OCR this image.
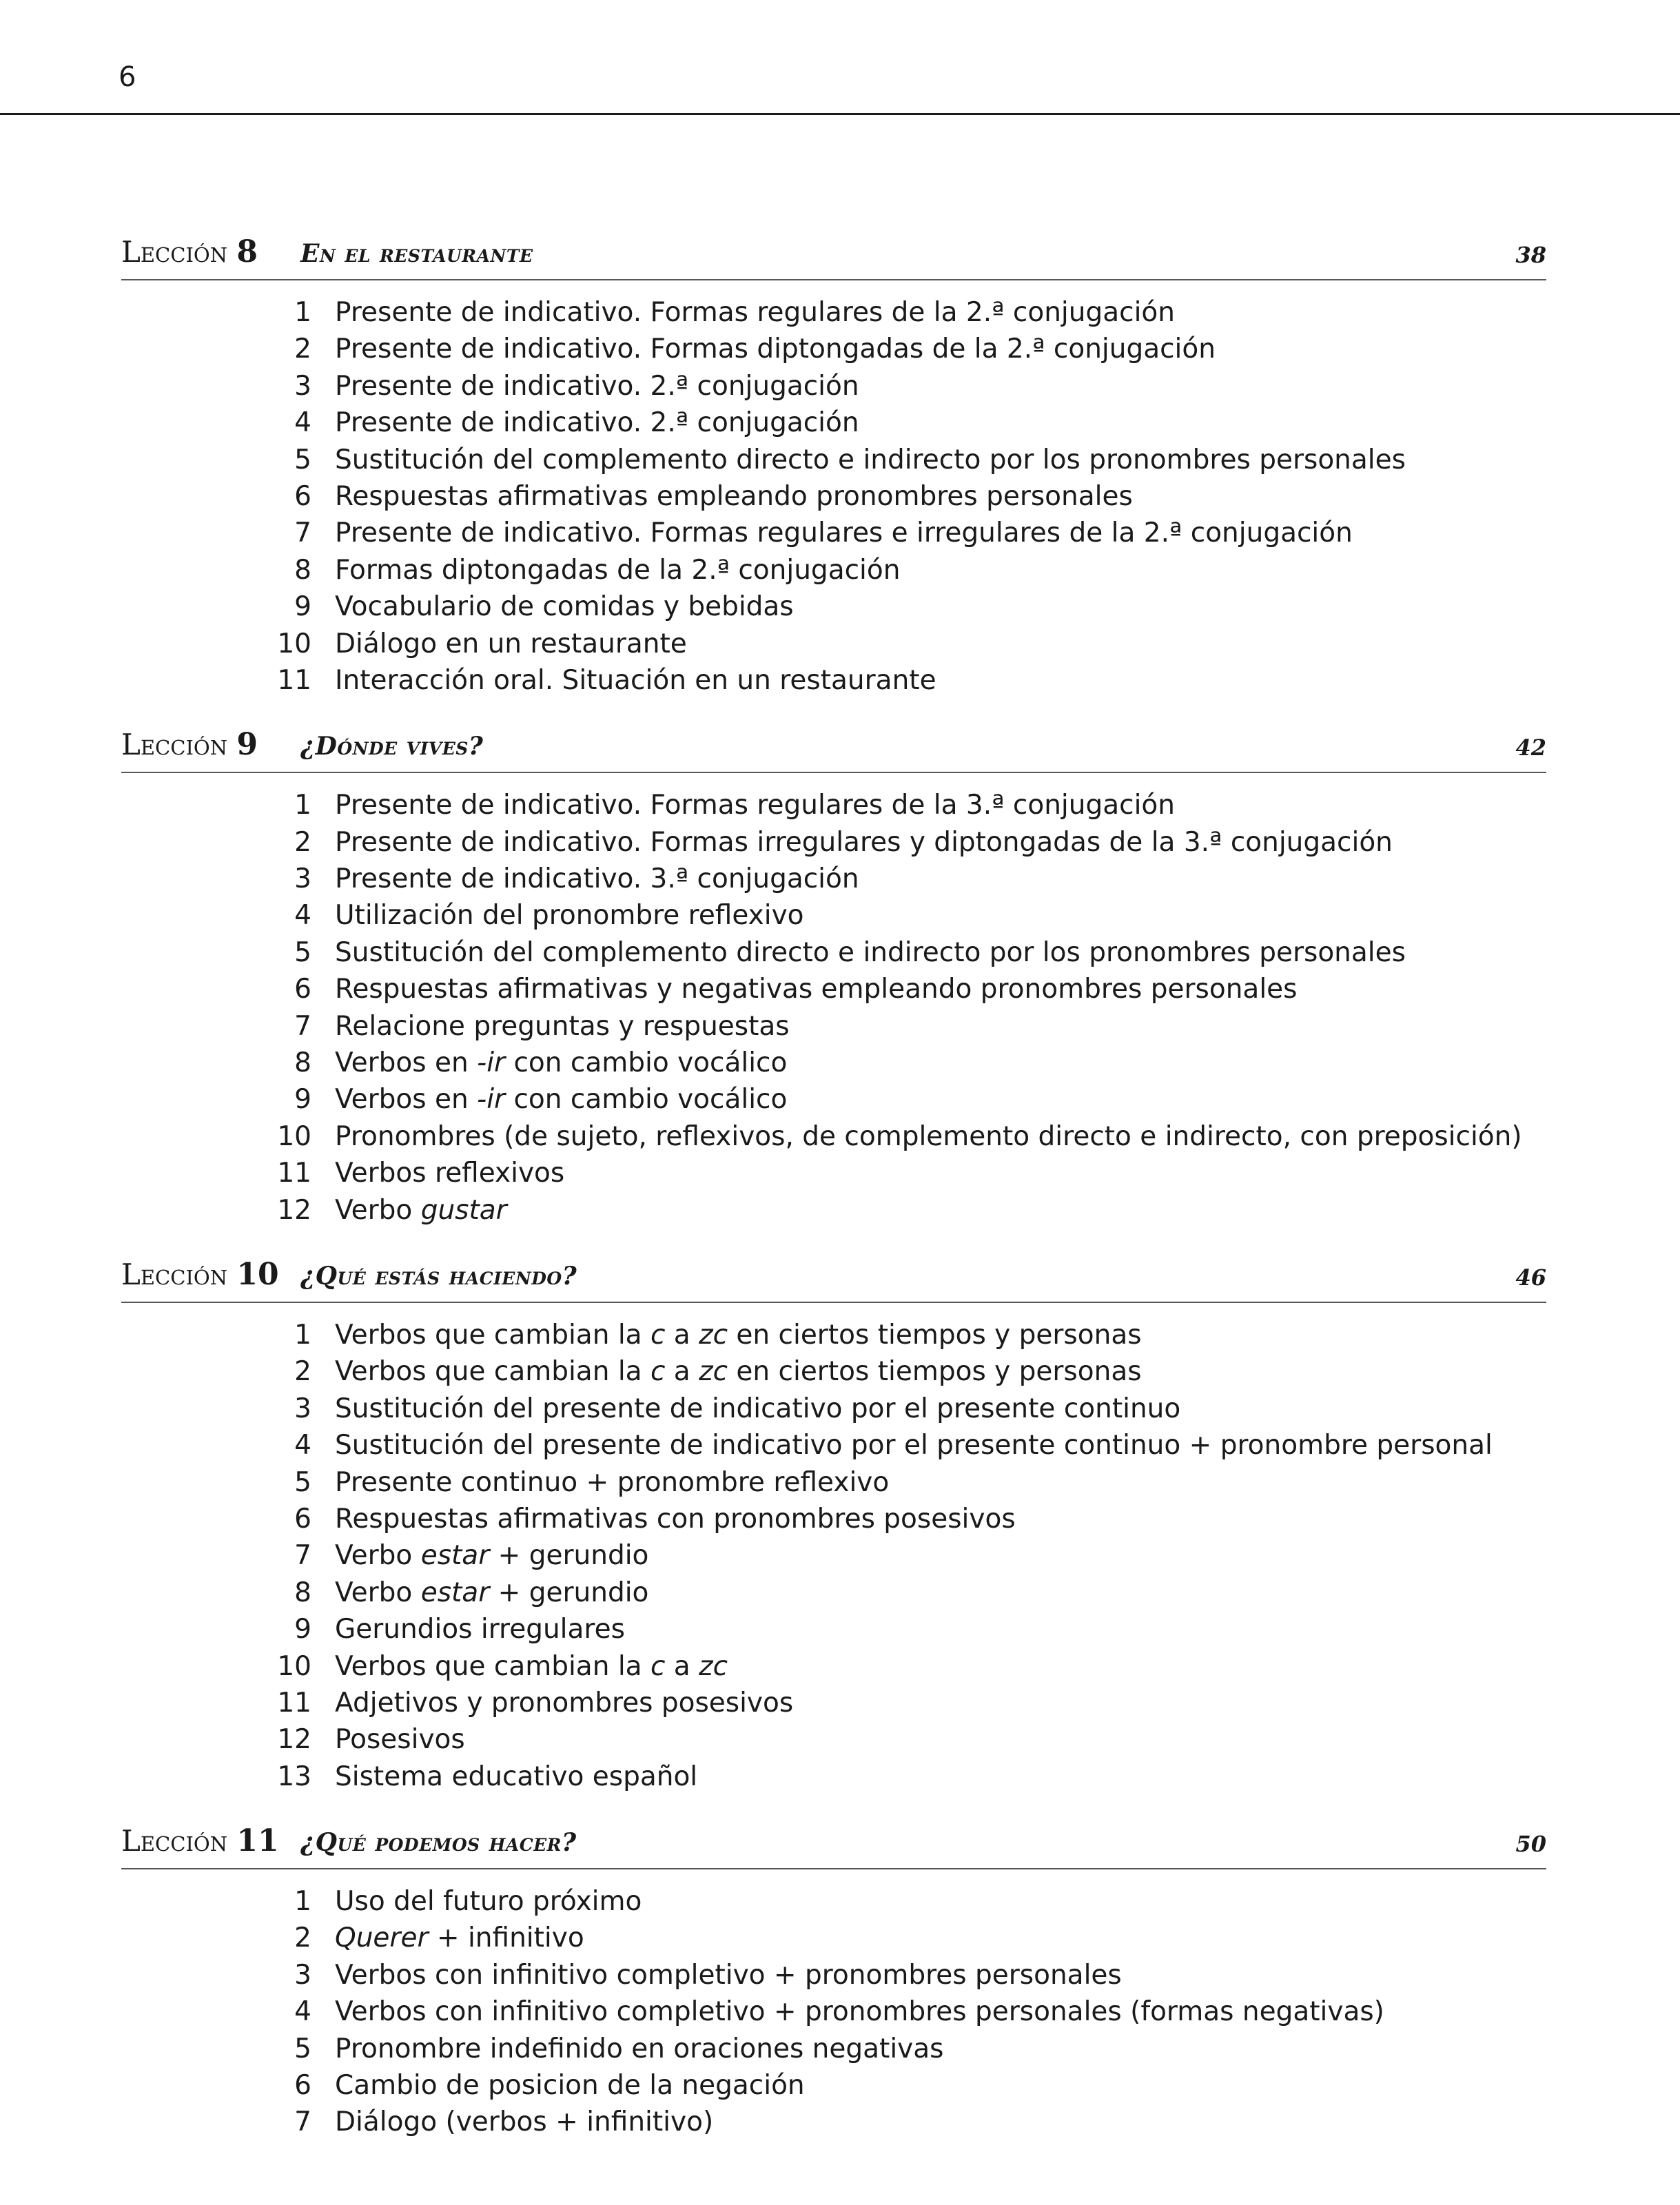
6
Lección 8 En el restaurante	38
1 Presente de indicativo. Formas regulares de la 2.ª conjugación
2 Presente de indicativo. Formas diptongadas de la 2.ª conjugación
3 Presente de indicativo. 2.ª conjugación
4 Presente de indicativo. 2.ª conjugación
5 Sustitución del complemento directo e indirecto por los pronombres personales
6 Respuestas afirmativas empleando pronombres personales
7 Presente de indicativo. Formas regulares e irregulares de la 2.ª conjugación
8 Formas diptongadas de la 2.ª conjugación
9 Vocabulario de comidas y bebidas
10 Diálogo en un restaurante
11 Interacción oral. Situación en un restaurante
Lección 9 ¿Dónde vives?	42
1 Presente de indicativo. Formas regulares de la 3.ª conjugación
2 Presente de indicativo. Formas irregulares y diptongadas de la 3.ª conjugación
3 Presente de indicativo. 3.ª conjugación
4 Utilización del pronombre reflexivo
5 Sustitución del complemento directo e indirecto por los pronombres personales
6 Respuestas afirmativas y negativas empleando pronombres personales
7 Relacione preguntas y respuestas
8 Verbos en -ir con cambio vocálico
9 Verbos en -ir con cambio vocálico
10 Pronombres (de sujeto, reflexivos, de complemento directo e indirecto, con preposición)
11 Verbos reflexivos
12 Verbo gustar
Lección 10 ¿Qué estás haciendo?	46
1 Verbos que cambian la c a zc en ciertos tiempos y personas
2 Verbos que cambian la c a zc en ciertos tiempos y personas
3 Sustitución del presente de indicativo por el presente continuo
4 Sustitución del presente de indicativo por el presente continuo + pronombre personal
5 Presente continuo + pronombre reflexivo
6 Respuestas afirmativas con pronombres posesivos
7 Verbo estar + gerundio
8 Verbo estar + gerundio
9 Gerundios irregulares
10 Verbos que cambian la c a zc
11 Adjetivos y pronombres posesivos
12 Posesivos
13 Sistema educativo español
Lección 11 ¿Qué podemos hacer?	50
1 Uso del futuro próximo
2 Querer + infinitivo
3 Verbos con infinitivo completivo + pronombres personales
4 Verbos con infinitivo completivo + pronombres personales (formas negativas)
5 Pronombre indefinido en oraciones negativas
6 Cambio de posicion de la negación
7 Diálogo (verbos + infinitivo)
